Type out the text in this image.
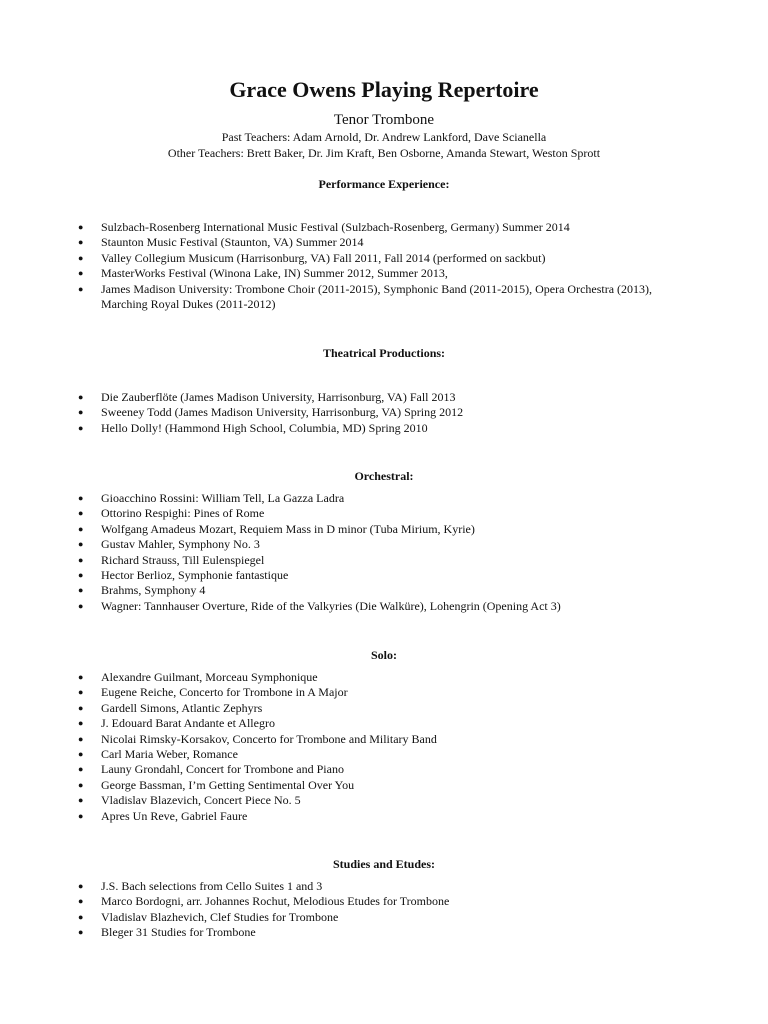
Grace Owens Playing Repertoire
Tenor Trombone
Past Teachers: Adam Arnold, Dr. Andrew Lankford, Dave Scianella
Other Teachers: Brett Baker, Dr. Jim Kraft, Ben Osborne, Amanda Stewart, Weston Sprott
Performance Experience:
● Sulzbach-Rosenberg International Music Festival (Sulzbach-Rosenberg, Germany) Summer 2014
● Staunton Music Festival (Staunton, VA) Summer 2014
● Valley Collegium Musicum (Harrisonburg, VA) Fall 2011, Fall 2014 (performed on sackbut)
● MasterWorks Festival (Winona Lake, IN) Summer 2012, Summer 2013,
● James Madison University: Trombone Choir (2011-2015), Symphonic Band (2011-2015), Opera Orchestra (2013), Marching Royal Dukes (2011-2012)
Theatrical Productions:
● Die Zauberflöte (James Madison University, Harrisonburg, VA) Fall 2013
● Sweeney Todd (James Madison University, Harrisonburg, VA) Spring 2012
● Hello Dolly! (Hammond High School, Columbia, MD) Spring 2010
Orchestral:
● Gioacchino Rossini: William Tell, La Gazza Ladra
● Ottorino Respighi: Pines of Rome
● Wolfgang Amadeus Mozart, Requiem Mass in D minor (Tuba Mirium, Kyrie)
● Gustav Mahler, Symphony No. 3
● Richard Strauss, Till Eulenspiegel
● Hector Berlioz, Symphonie fantastique
● Brahms, Symphony 4
● Wagner: Tannhauser Overture, Ride of the Valkyries (Die Walküre), Lohengrin (Opening Act 3)
Solo:
● Alexandre Guilmant, Morceau Symphonique
● Eugene Reiche, Concerto for Trombone in A Major
● Gardell Simons, Atlantic Zephyrs
● J. Edouard Barat Andante et Allegro
● Nicolai Rimsky-Korsakov, Concerto for Trombone and Military Band
● Carl Maria Weber, Romance
● Launy Grondahl, Concert for Trombone and Piano
● George Bassman, I’m Getting Sentimental Over You
● Vladislav Blazevich, Concert Piece No. 5
● Apres Un Reve, Gabriel Faure
Studies and Etudes:
● J.S. Bach selections from Cello Suites 1 and 3
● Marco Bordogni, arr. Johannes Rochut, Melodious Etudes for Trombone
● Vladislav Blazhevich, Clef Studies for Trombone
● Bleger 31 Studies for Trombone
